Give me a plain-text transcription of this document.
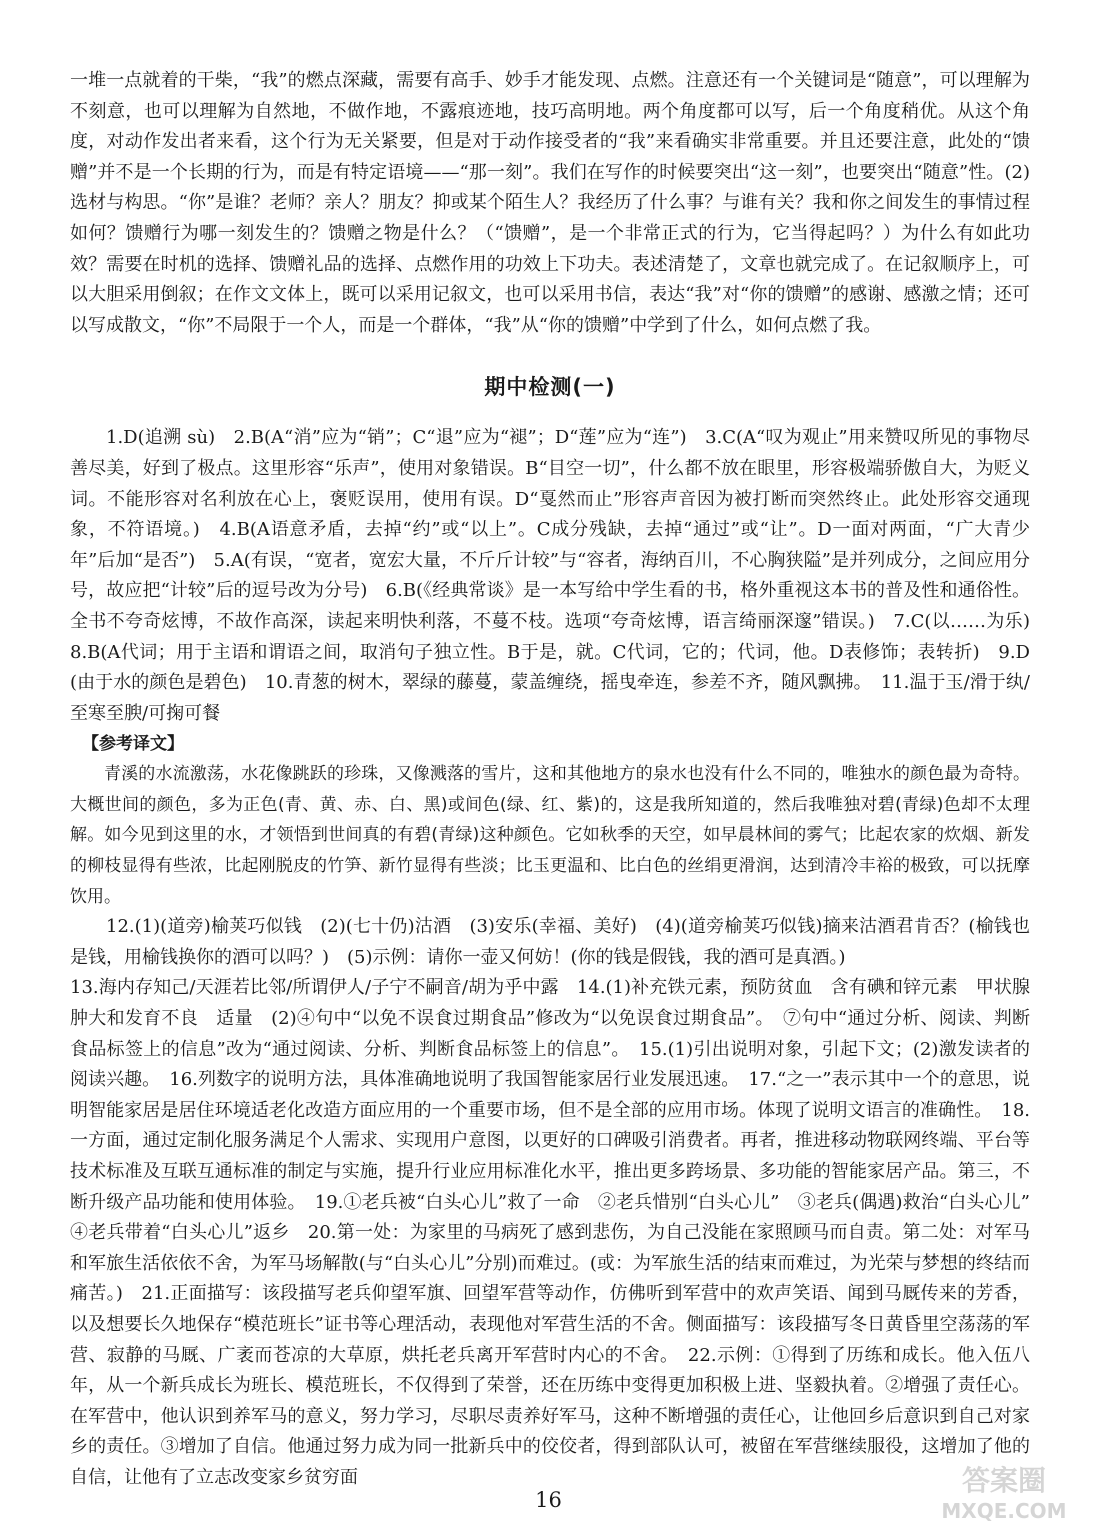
一堆一点就着的干柴，“我”的燃点深藏，需要有高手、妙手才能发现、点燃。注意还有一个关键词是“随意”，可以理解为不刻意，也可以理解为自然地，不做作地，不露痕迹地，技巧高明地。两个角度都可以写，后一个角度稍优。从这个角度，对动作发出者来看，这个行为无关紧要，但是对于动作接受者的“我”来看确实非常重要。并且还要注意，此处的“馈赠”并不是一个长期的行为，而是有特定语境——“那一刻”。我们在写作的时候要突出“这一刻”，也要突出“随意”性。(2)选材与构思。“你”是谁？老师？亲人？朋友？抑或某个陌生人？我经历了什么事？与谁有关？我和你之间发生的事情过程如何？馈赠行为哪一刻发生的？馈赠之物是什么？（“馈赠”，是一个非常正式的行为，它当得起吗？）为什么有如此功效？需要在时机的选择、馈赠礼品的选择、点燃作用的功效上下功夫。表述清楚了，文章也就完成了。在记叙顺序上，可以大胆采用倒叙；在作文文体上，既可以采用记叙文，也可以采用书信，表达“我”对“你的馈赠”的感谢、感激之情；还可以写成散文，“你”不局限于一个人，而是一个群体，“我”从“你的馈赠”中学到了什么，如何点燃了我。

期中检测(一)

1.D(追溯 sù)　2.B(A“消”应为“销”；C“退”应为“褪”；D“莲”应为“连”)　3.C(A“叹为观止”用来赞叹所见的事物尽善尽美，好到了极点。这里形容“乐声”，使用对象错误。B“目空一切”，什么都不放在眼里，形容极端骄傲自大，为贬义词。不能形容对名利放在心上，褒贬误用，使用有误。D“戛然而止”形容声音因为被打断而突然终止。此处形容交通现象，不符语境。)　4.B(A语意矛盾，去掉“约”或“以上”。C成分残缺，去掉“通过”或“让”。D一面对两面，“广大青少年”后加“是否”)　5.A(有误，“宽者，宽宏大量，不斤斤计较”与“容者，海纳百川，不心胸狭隘”是并列成分，之间应用分号，故应把“计较”后的逗号改为分号)　6.B(《经典常谈》是一本写给中学生看的书，格外重视这本书的普及性和通俗性。全书不夸奇炫博，不故作高深，读起来明快利落，不蔓不枝。选项“夸奇炫博，语言绮丽深邃”错误。)　7.C(以……为乐)　8.B(A代词；用于主语和谓语之间，取消句子独立性。B于是，就。C代词，它的；代词，他。D表修饰；表转折)　9.D(由于水的颜色是碧色)　10.青葱的树木，翠绿的藤蔓，蒙盖缠绕，摇曳牵连，参差不齐，随风飘拂。　11.温于玉/滑于纨/至寒至腴/可掬可餐

【参考译文】

青溪的水流激荡，水花像跳跃的珍珠，又像溅落的雪片，这和其他地方的泉水也没有什么不同的，唯独水的颜色最为奇特。大概世间的颜色，多为正色(青、黄、赤、白、黑)或间色(绿、红、紫)的，这是我所知道的，然后我唯独对碧(青绿)色却不太理解。如今见到这里的水，才领悟到世间真的有碧(青绿)这种颜色。它如秋季的天空，如早晨林间的雾气；比起农家的炊烟、新发的柳枝显得有些浓，比起刚脱皮的竹笋、新竹显得有些淡；比玉更温和、比白色的丝绢更滑润，达到清冷丰裕的极致，可以抚摩饮用。

12.(1)(道旁)榆荚巧似钱　(2)(七十仍)沽酒　(3)安乐(幸福、美好)　(4)(道旁榆荚巧似钱)摘来沽酒君肯否？(榆钱也是钱，用榆钱换你的酒可以吗？)　(5)示例：请你一壶又何妨！(你的钱是假钱，我的酒可是真酒。)

13.海内存知己/天涯若比邻/所谓伊人/子宁不嗣音/胡为乎中露　14.(1)补充铁元素，预防贫血　含有碘和锌元素　甲状腺肿大和发育不良　适量　(2)④句中“以免不误食过期食品”修改为“以免误食过期食品”。　⑦句中“通过分析、阅读、判断食品标签上的信息”改为“通过阅读、分析、判断食品标签上的信息”。　15.(1)引出说明对象，引起下文；(2)激发读者的阅读兴趣。　16.列数字的说明方法，具体准确地说明了我国智能家居行业发展迅速。　17.“之一”表示其中一个的意思，说明智能家居是居住环境适老化改造方面应用的一个重要市场，但不是全部的应用市场。体现了说明文语言的准确性。　18.一方面，通过定制化服务满足个人需求、实现用户意图，以更好的口碑吸引消费者。再者，推进移动物联网终端、平台等技术标准及互联互通标准的制定与实施，提升行业应用标准化水平，推出更多跨场景、多功能的智能家居产品。第三，不断升级产品功能和使用体验。　19.①老兵被“白头心儿”救了一命　②老兵惜别“白头心儿”　③老兵(偶遇)救治“白头心儿”　④老兵带着“白头心儿”返乡　20.第一处：为家里的马病死了感到悲伤，为自己没能在家照顾马而自责。第二处：对军马和军旅生活依依不舍，为军马场解散(与“白头心儿”分别)而难过。(或：为军旅生活的结束而难过，为光荣与梦想的终结而痛苦。)　21.正面描写：该段描写老兵仰望军旗、回望军营等动作，仿佛听到军营中的欢声笑语、闻到马厩传来的芳香，以及想要长久地保存“模范班长”证书等心理活动，表现他对军营生活的不舍。侧面描写：该段描写冬日黄昏里空荡荡的军营、寂静的马厩、广袤而苍凉的大草原，烘托老兵离开军营时内心的不舍。　22.示例：①得到了历练和成长。他入伍八年，从一个新兵成长为班长、模范班长，不仅得到了荣誉，还在历练中变得更加积极上进、坚毅执着。②增强了责任心。在军营中，他认识到养军马的意义，努力学习，尽职尽责养好军马，这种不断增强的责任心，让他回乡后意识到自己对家乡的责任。③增加了自信。他通过努力成为同一批新兵中的佼佼者，得到部队认可，被留在军营继续服役，这增加了他的自信，让他有了立志改变家乡贫穷面

16
答案圈
MXQE.COM
